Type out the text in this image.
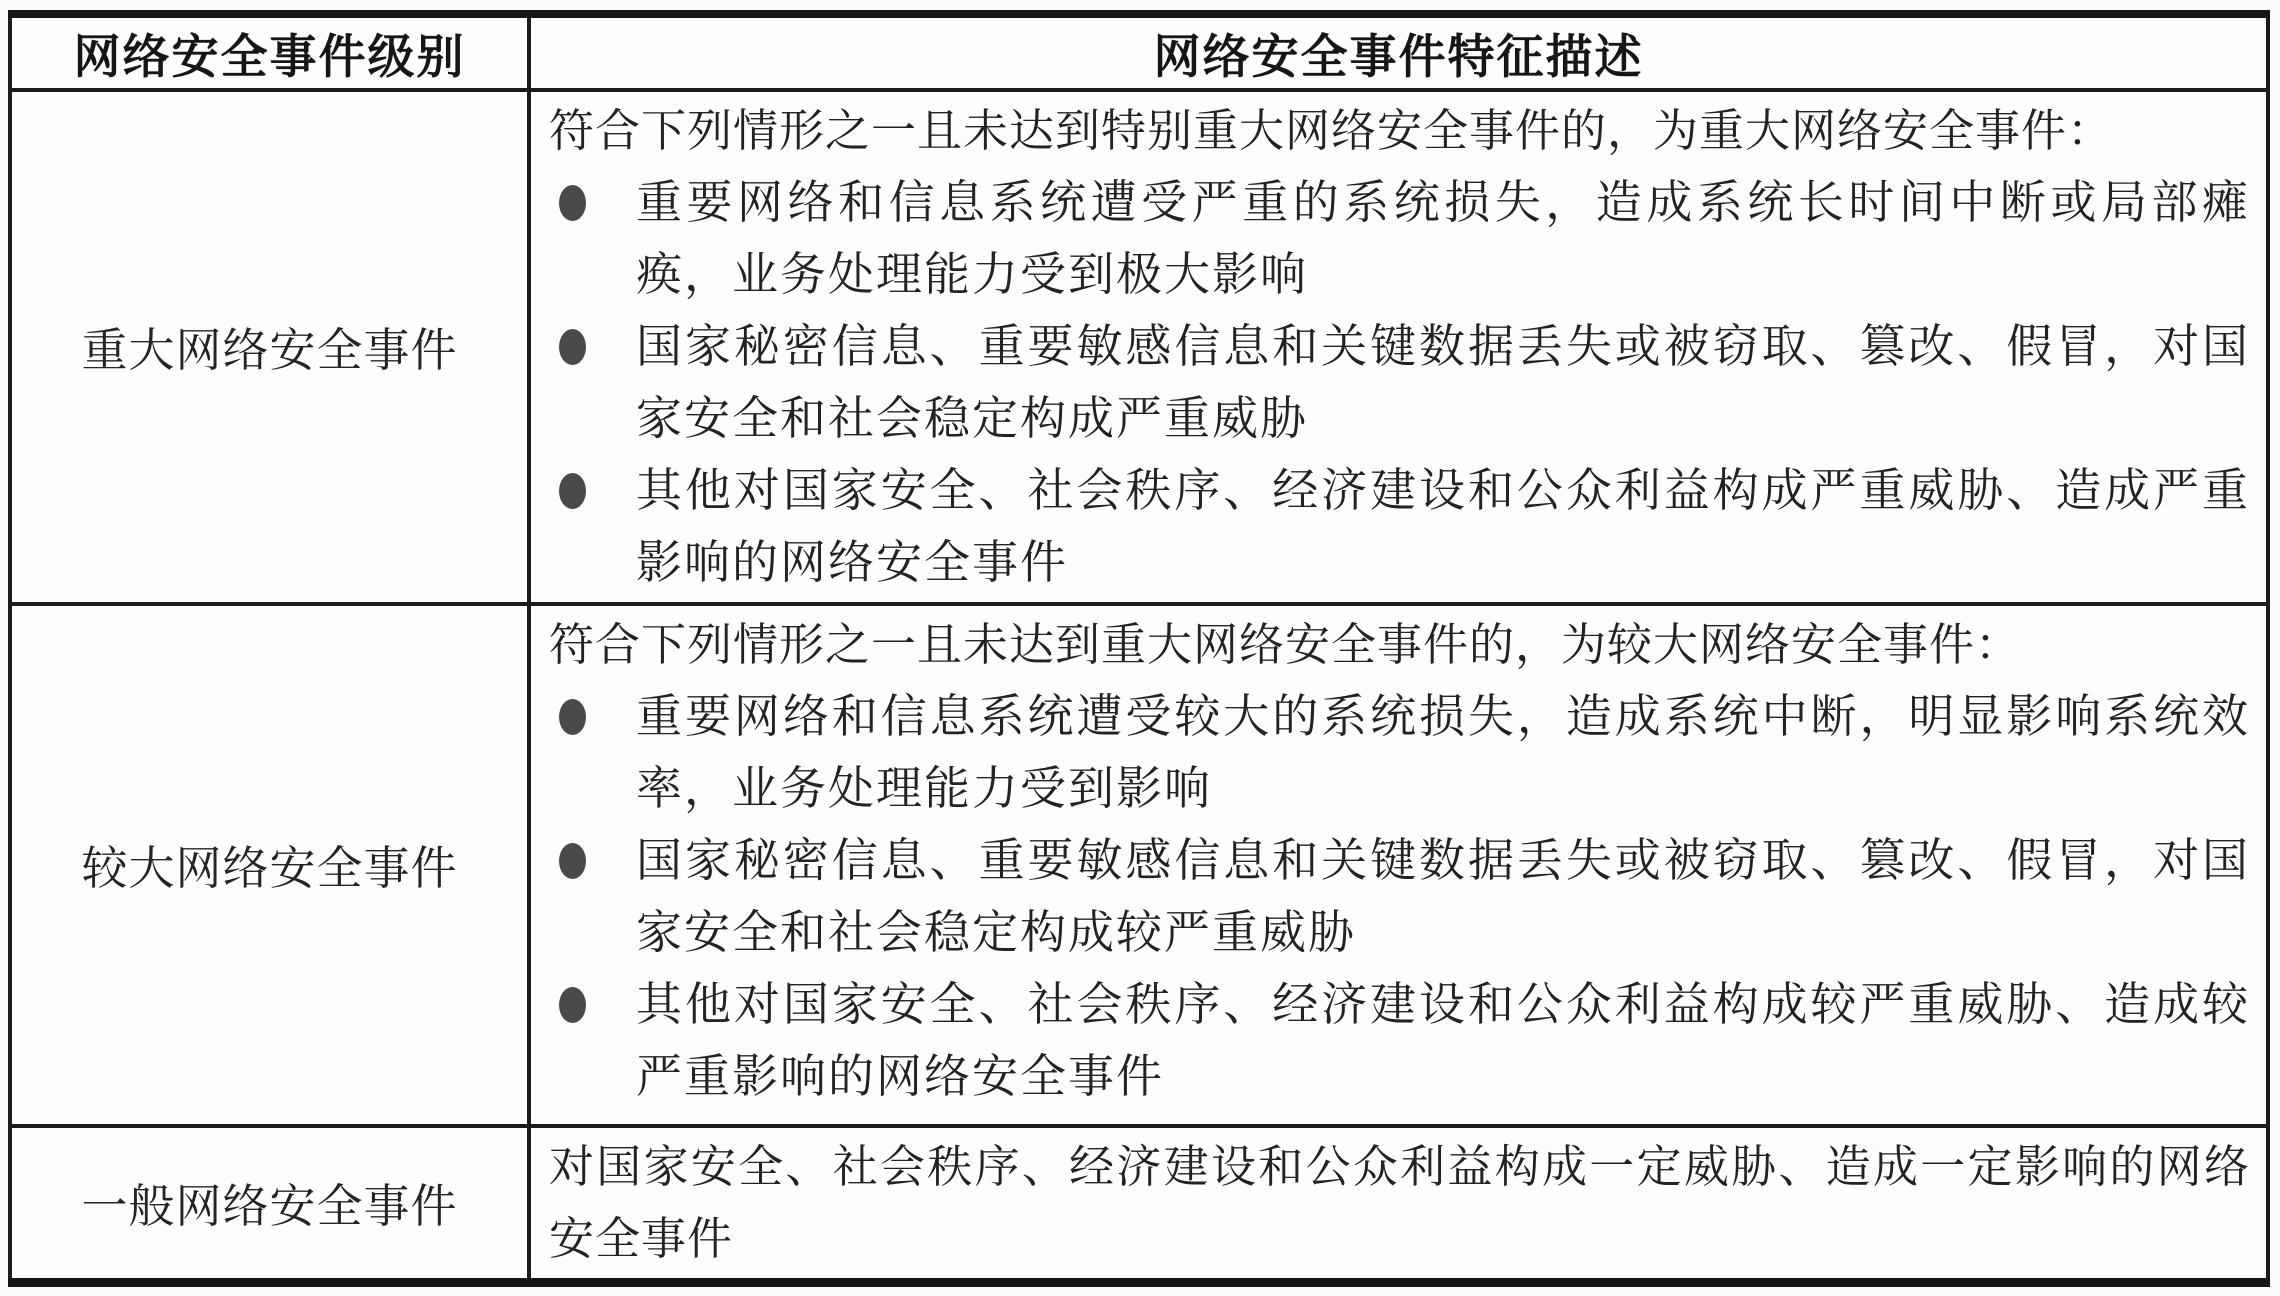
网络安全事件级别	网络安全事件特征描述
重大网络安全事件	符合下列情形之一且未达到特别重大网络安全事件的，为重大网络安全事件：
重要网络和信息系统遭受严重的系统损失，造成系统长时间中断或局部瘫痪，业务处理能力受到极大影响
国家秘密信息、重要敏感信息和关键数据丢失或被窃取、篡改、假冒，对国家安全和社会稳定构成严重威胁
其他对国家安全、社会秩序、经济建设和公众利益构成严重威胁、造成严重影响的网络安全事件

较大网络安全事件	符合下列情形之一且未达到重大网络安全事件的，为较大网络安全事件：
重要网络和信息系统遭受较大的系统损失，造成系统中断，明显影响系统效率，业务处理能力受到影响
国家秘密信息、重要敏感信息和关键数据丢失或被窃取、篡改、假冒，对国家安全和社会稳定构成较严重威胁
其他对国家安全、社会秩序、经济建设和公众利益构成较严重威胁、造成较严重影响的网络安全事件

一般网络安全事件	对国家安全、社会秩序、经济建设和公众利益构成一定威胁、造成一定影响的网络安全事件
